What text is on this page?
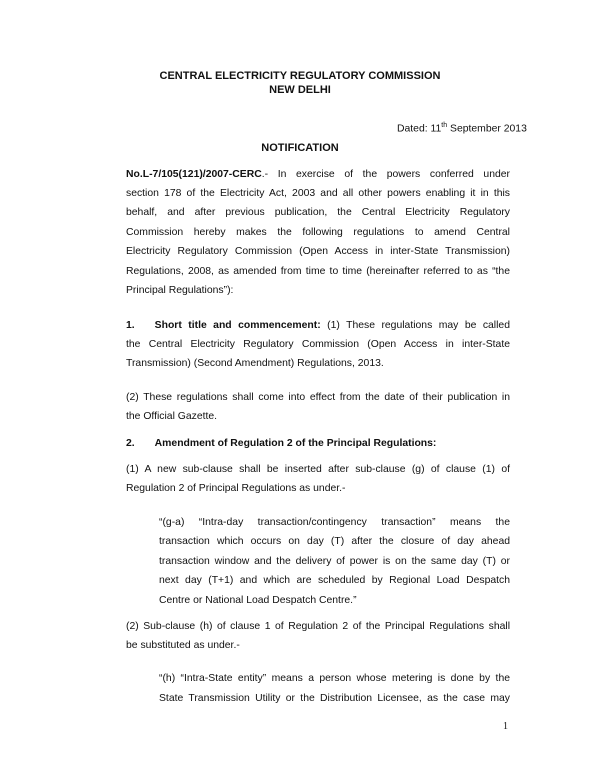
CENTRAL ELECTRICITY REGULATORY COMMISSION
NEW DELHI
Dated: 11th September 2013
NOTIFICATION
No.L-7/105(121)/2007-CERC.- In exercise of the powers conferred under
section 178 of the Electricity Act, 2003 and all other powers enabling it in this
behalf, and after previous publication, the Central Electricity Regulatory
Commission hereby makes the following regulations to amend Central
Electricity Regulatory Commission (Open Access in inter-State Transmission)
Regulations, 2008, as amended from time to time (hereinafter referred to as “the
Principal Regulations”):
1. Short title and commencement: (1) These regulations may be called
the Central Electricity Regulatory Commission (Open Access in inter-State
Transmission) (Second Amendment) Regulations, 2013.
(2) These regulations shall come into effect from the date of their publication in
the Official Gazette.
2. Amendment of Regulation 2 of the Principal Regulations:
(1) A new sub-clause shall be inserted after sub-clause (g) of clause (1) of
Regulation 2 of Principal Regulations as under.-
“(g-a) “Intra-day transaction/contingency transaction” means the
transaction which occurs on day (T) after the closure of day ahead
transaction window and the delivery of power is on the same day (T) or
next day (T+1) and which are scheduled by Regional Load Despatch
Centre or National Load Despatch Centre.”
(2) Sub-clause (h) of clause 1 of Regulation 2 of the Principal Regulations shall
be substituted as under.-
“(h) “Intra-State entity” means a person whose metering is done by the
State Transmission Utility or the Distribution Licensee, as the case may
1
